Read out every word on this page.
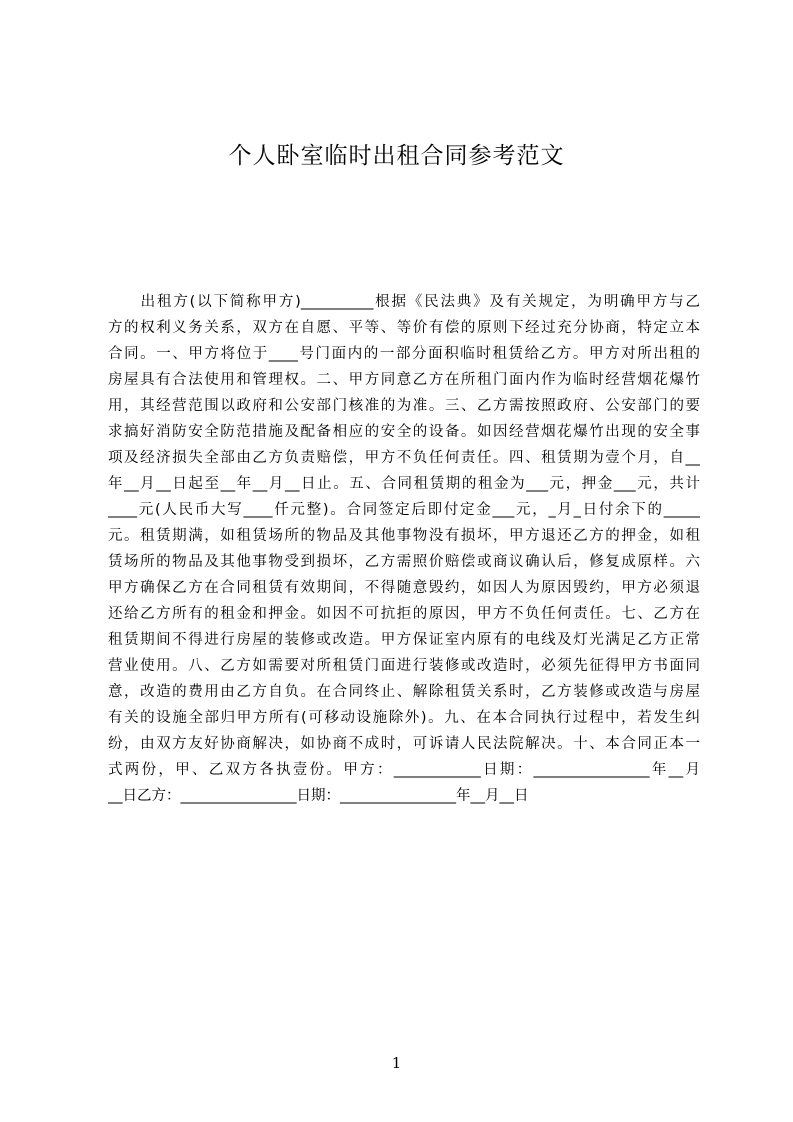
个人卧室临时出租合同参考范文
　　出租方(以下简称甲方)__________根据《民法典》及有关规定，为明确甲方与乙
方的权利义务关系，双方在自愿、平等、等价有偿的原则下经过充分协商，特定立本
合同。一、甲方将位于____号门面内的一部分面积临时租赁给乙方。甲方对所出租的
房屋具有合法使用和管理权。二、甲方同意乙方在所租门面内作为临时经营烟花爆竹
用，其经营范围以政府和公安部门核准的为准。三、乙方需按照政府、公安部门的要
求搞好消防安全防范措施及配备相应的安全的设备。如因经营烟花爆竹出现的安全事
项及经济损失全部由乙方负责赔偿，甲方不负任何责任。四、租赁期为壹个月，自__
年__月__日起至__年__月__日止。五、合同租赁期的租金为___元，押金___元，共计
____元(人民币大写____仟元整)。合同签定后即付定金___元，_月_日付余下的_____
元。租赁期满，如租赁场所的物品及其他事物没有损坏，甲方退还乙方的押金，如租
赁场所的物品及其他事物受到损坏，乙方需照价赔偿或商议确认后，修复成原样。六
甲方确保乙方在合同租赁有效期间，不得随意毁约，如因人为原因毁约，甲方必须退
还给乙方所有的租金和押金。如因不可抗拒的原因，甲方不负任何责任。七、乙方在
租赁期间不得进行房屋的装修或改造。甲方保证室内原有的电线及灯光满足乙方正常
营业使用。八、乙方如需要对所租赁门面进行装修或改造时，必须先征得甲方书面同
意，改造的费用由乙方自负。在合同终止、解除租赁关系时，乙方装修或改造与房屋
有关的设施全部归甲方所有(可移动设施除外)。九、在本合同执行过程中，若发生纠
纷，由双方友好协商解决，如协商不成时，可诉请人民法院解决。十、本合同正本一
式两份，甲、乙双方各执壹份。甲方：____________日期：________________年__月
__日乙方：________________日期：________________年__月__日
1
